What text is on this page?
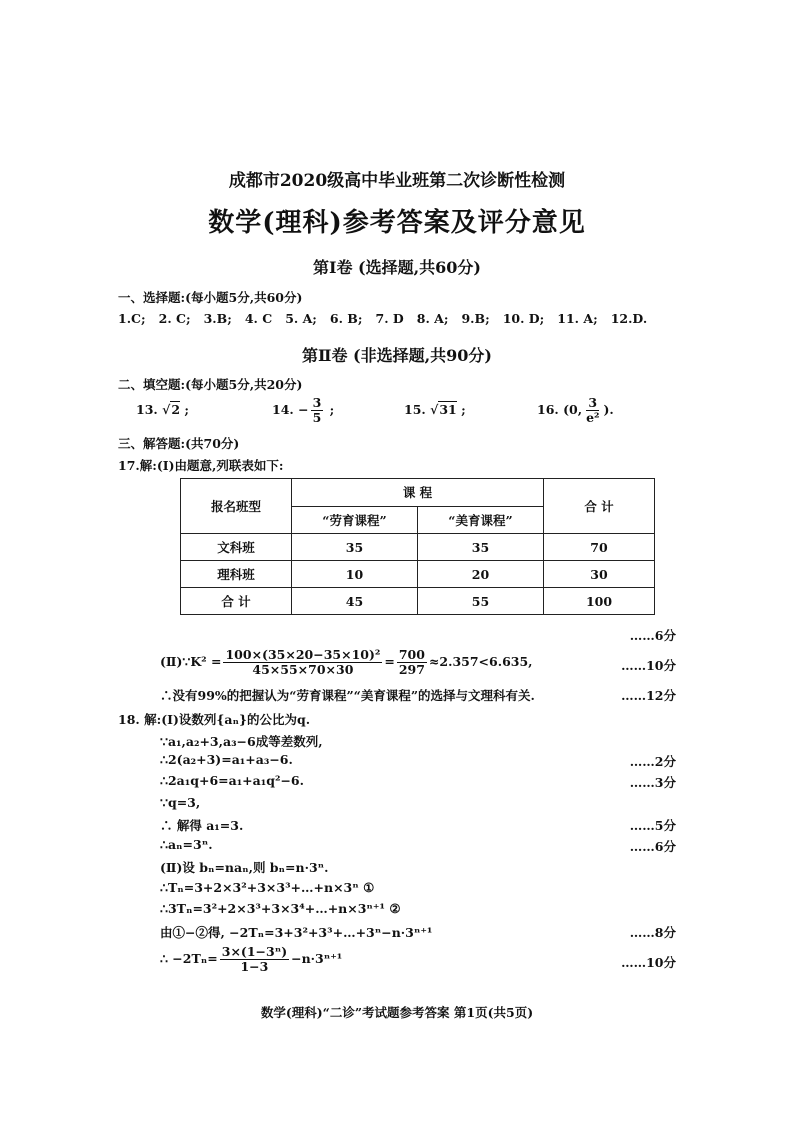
成都市2020级高中毕业班第二次诊断性检测
数学(理科)参考答案及评分意见
第Ⅰ卷 (选择题,共60分)
一、选择题:(每小题5分,共60分)
1.C; 2. C; 3.B; 4. C 5. A; 6. B; 7. D 8. A; 9.B; 10. D; 11. A; 12.D.
第Ⅱ卷 (非选择题,共90分)
二、填空题:(每小题5分,共20分)
13. √2 ;	14. − $\frac{3}{5}$ ;	15. √31 ;	16. (0, $\frac{3}{\text{e²}}$ ).
三、解答题:(共70分)
17.解:(Ⅰ)由题意,列联表如下:
报名班型	课 程		合 计
	“劳育课程”	“美育课程”	
文科班	35	35	70
理科班	10	20	30
合 计	45	55	100
……6分
(Ⅱ)∵K² = $\frac{\text{100×(35×20−35×10)²}}{45\times 55\times 70\times 30} = \frac{700}{297} \approx 2.357<6.635$,	……10分
∴没有99%的把握认为“劳育课程”“美育课程”的选择与文理科有关.	……12分
18. 解:(Ⅰ)设数列{aₙ}的公比为q.
∵a₁,a₂+3,a₃−6成等差数列,
∴2(a₂+3)=a₁+a₃−6.	……2分
∴2a₁q+6=a₁+a₁q²−6.	……3分
∵q=3,
∴ 解得 a₁=3.	……5分
∴aₙ=3ⁿ.	……6分
(Ⅱ)设 bₙ=naₙ,则 bₙ=n·3ⁿ.
∴Tₙ=3+2×3²+3×3³+…+n×3ⁿ ①
∴3Tₙ=3²+2×3³+3×3⁴+…+n×3ⁿ⁺¹ ②
由①−②得, −2Tₙ=3+3²+3³+…+3ⁿ−n·3ⁿ⁺¹	……8分
∴ $-2T_n= \frac{\text{3×(1−3ⁿ)}}{1-3} -n\cdot 3^{n+1}$	……10分
数学(理科)“二诊”考试题参考答案 第1页(共5页)
